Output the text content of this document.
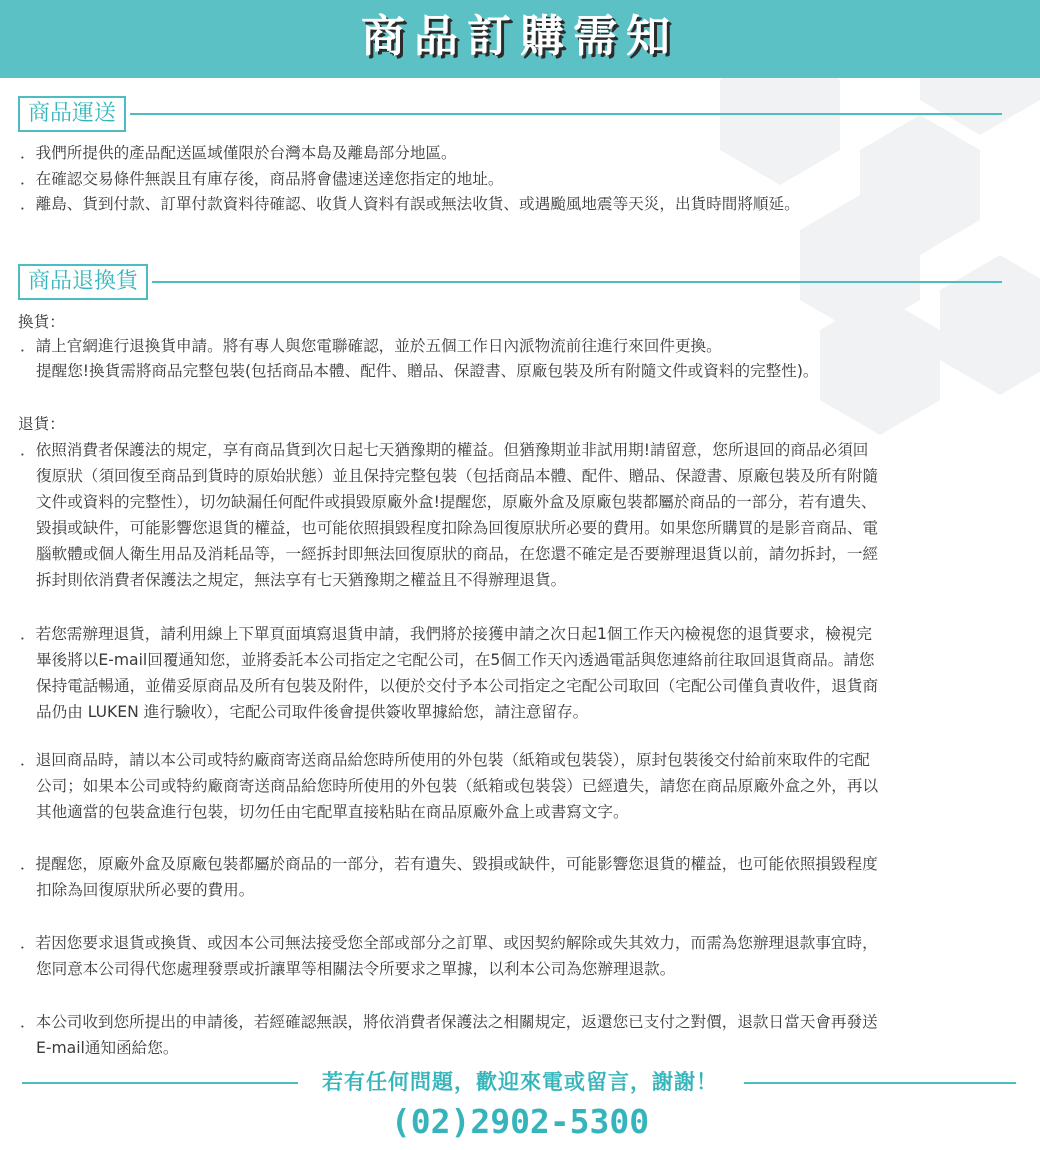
商品訂購需知
商品運送
．我們所提供的產品配送區域僅限於台灣本島及離島部分地區。
．在確認交易條件無誤且有庫存後，商品將會儘速送達您指定的地址。
．離島、貨到付款、訂單付款資料待確認、收貨人資料有誤或無法收貨、或遇颱風地震等天災，出貨時間將順延。
商品退換貨
換貨：
．請上官網進行退換貨申請。將有專人與您電聯確認，並於五個工作日內派物流前往進行來回件更換。
提醒您!換貨需將商品完整包裝(包括商品本體、配件、贈品、保證書、原廠包裝及所有附隨文件或資料的完整性)。
退貨：
．依照消費者保護法的規定，享有商品貨到次日起七天猶豫期的權益。但猶豫期並非試用期!請留意，您所退回的商品必須回
復原狀（須回復至商品到貨時的原始狀態）並且保持完整包裝（包括商品本體、配件、贈品、保證書、原廠包裝及所有附隨
文件或資料的完整性），切勿缺漏任何配件或損毀原廠外盒!提醒您，原廠外盒及原廠包裝都屬於商品的一部分，若有遺失、
毀損或缺件，可能影響您退貨的權益，也可能依照損毀程度扣除為回復原狀所必要的費用。如果您所購買的是影音商品、電
腦軟體或個人衛生用品及消耗品等，一經拆封即無法回復原狀的商品，在您還不確定是否要辦理退貨以前，請勿拆封，一經
拆封則依消費者保護法之規定，無法享有七天猶豫期之權益且不得辦理退貨。
．若您需辦理退貨，請利用線上下單頁面填寫退貨申請，我們將於接獲申請之次日起1個工作天內檢視您的退貨要求，檢視完
畢後將以E-mail回覆通知您，並將委託本公司指定之宅配公司，在5個工作天內透過電話與您連絡前往取回退貨商品。請您
保持電話暢通，並備妥原商品及所有包裝及附件，以便於交付予本公司指定之宅配公司取回（宅配公司僅負責收件，退貨商
品仍由 LUKEN 進行驗收），宅配公司取件後會提供簽收單據給您，請注意留存。
．退回商品時，請以本公司或特約廠商寄送商品給您時所使用的外包裝（紙箱或包裝袋），原封包裝後交付給前來取件的宅配
公司；如果本公司或特約廠商寄送商品給您時所使用的外包裝（紙箱或包裝袋）已經遺失，請您在商品原廠外盒之外，再以
其他適當的包裝盒進行包裝，切勿任由宅配單直接粘貼在商品原廠外盒上或書寫文字。
．提醒您，原廠外盒及原廠包裝都屬於商品的一部分，若有遺失、毀損或缺件，可能影響您退貨的權益，也可能依照損毀程度
扣除為回復原狀所必要的費用。
．若因您要求退貨或換貨、或因本公司無法接受您全部或部分之訂單、或因契約解除或失其效力，而需為您辦理退款事宜時，
您同意本公司得代您處理發票或折讓單等相關法令所要求之單據，以利本公司為您辦理退款。
．本公司收到您所提出的申請後，若經確認無誤，將依消費者保護法之相關規定，返還您已支付之對價，退款日當天會再發送
E-mail通知函給您。
若有任何問題，歡迎來電或留言，謝謝！
(02)2902-5300
